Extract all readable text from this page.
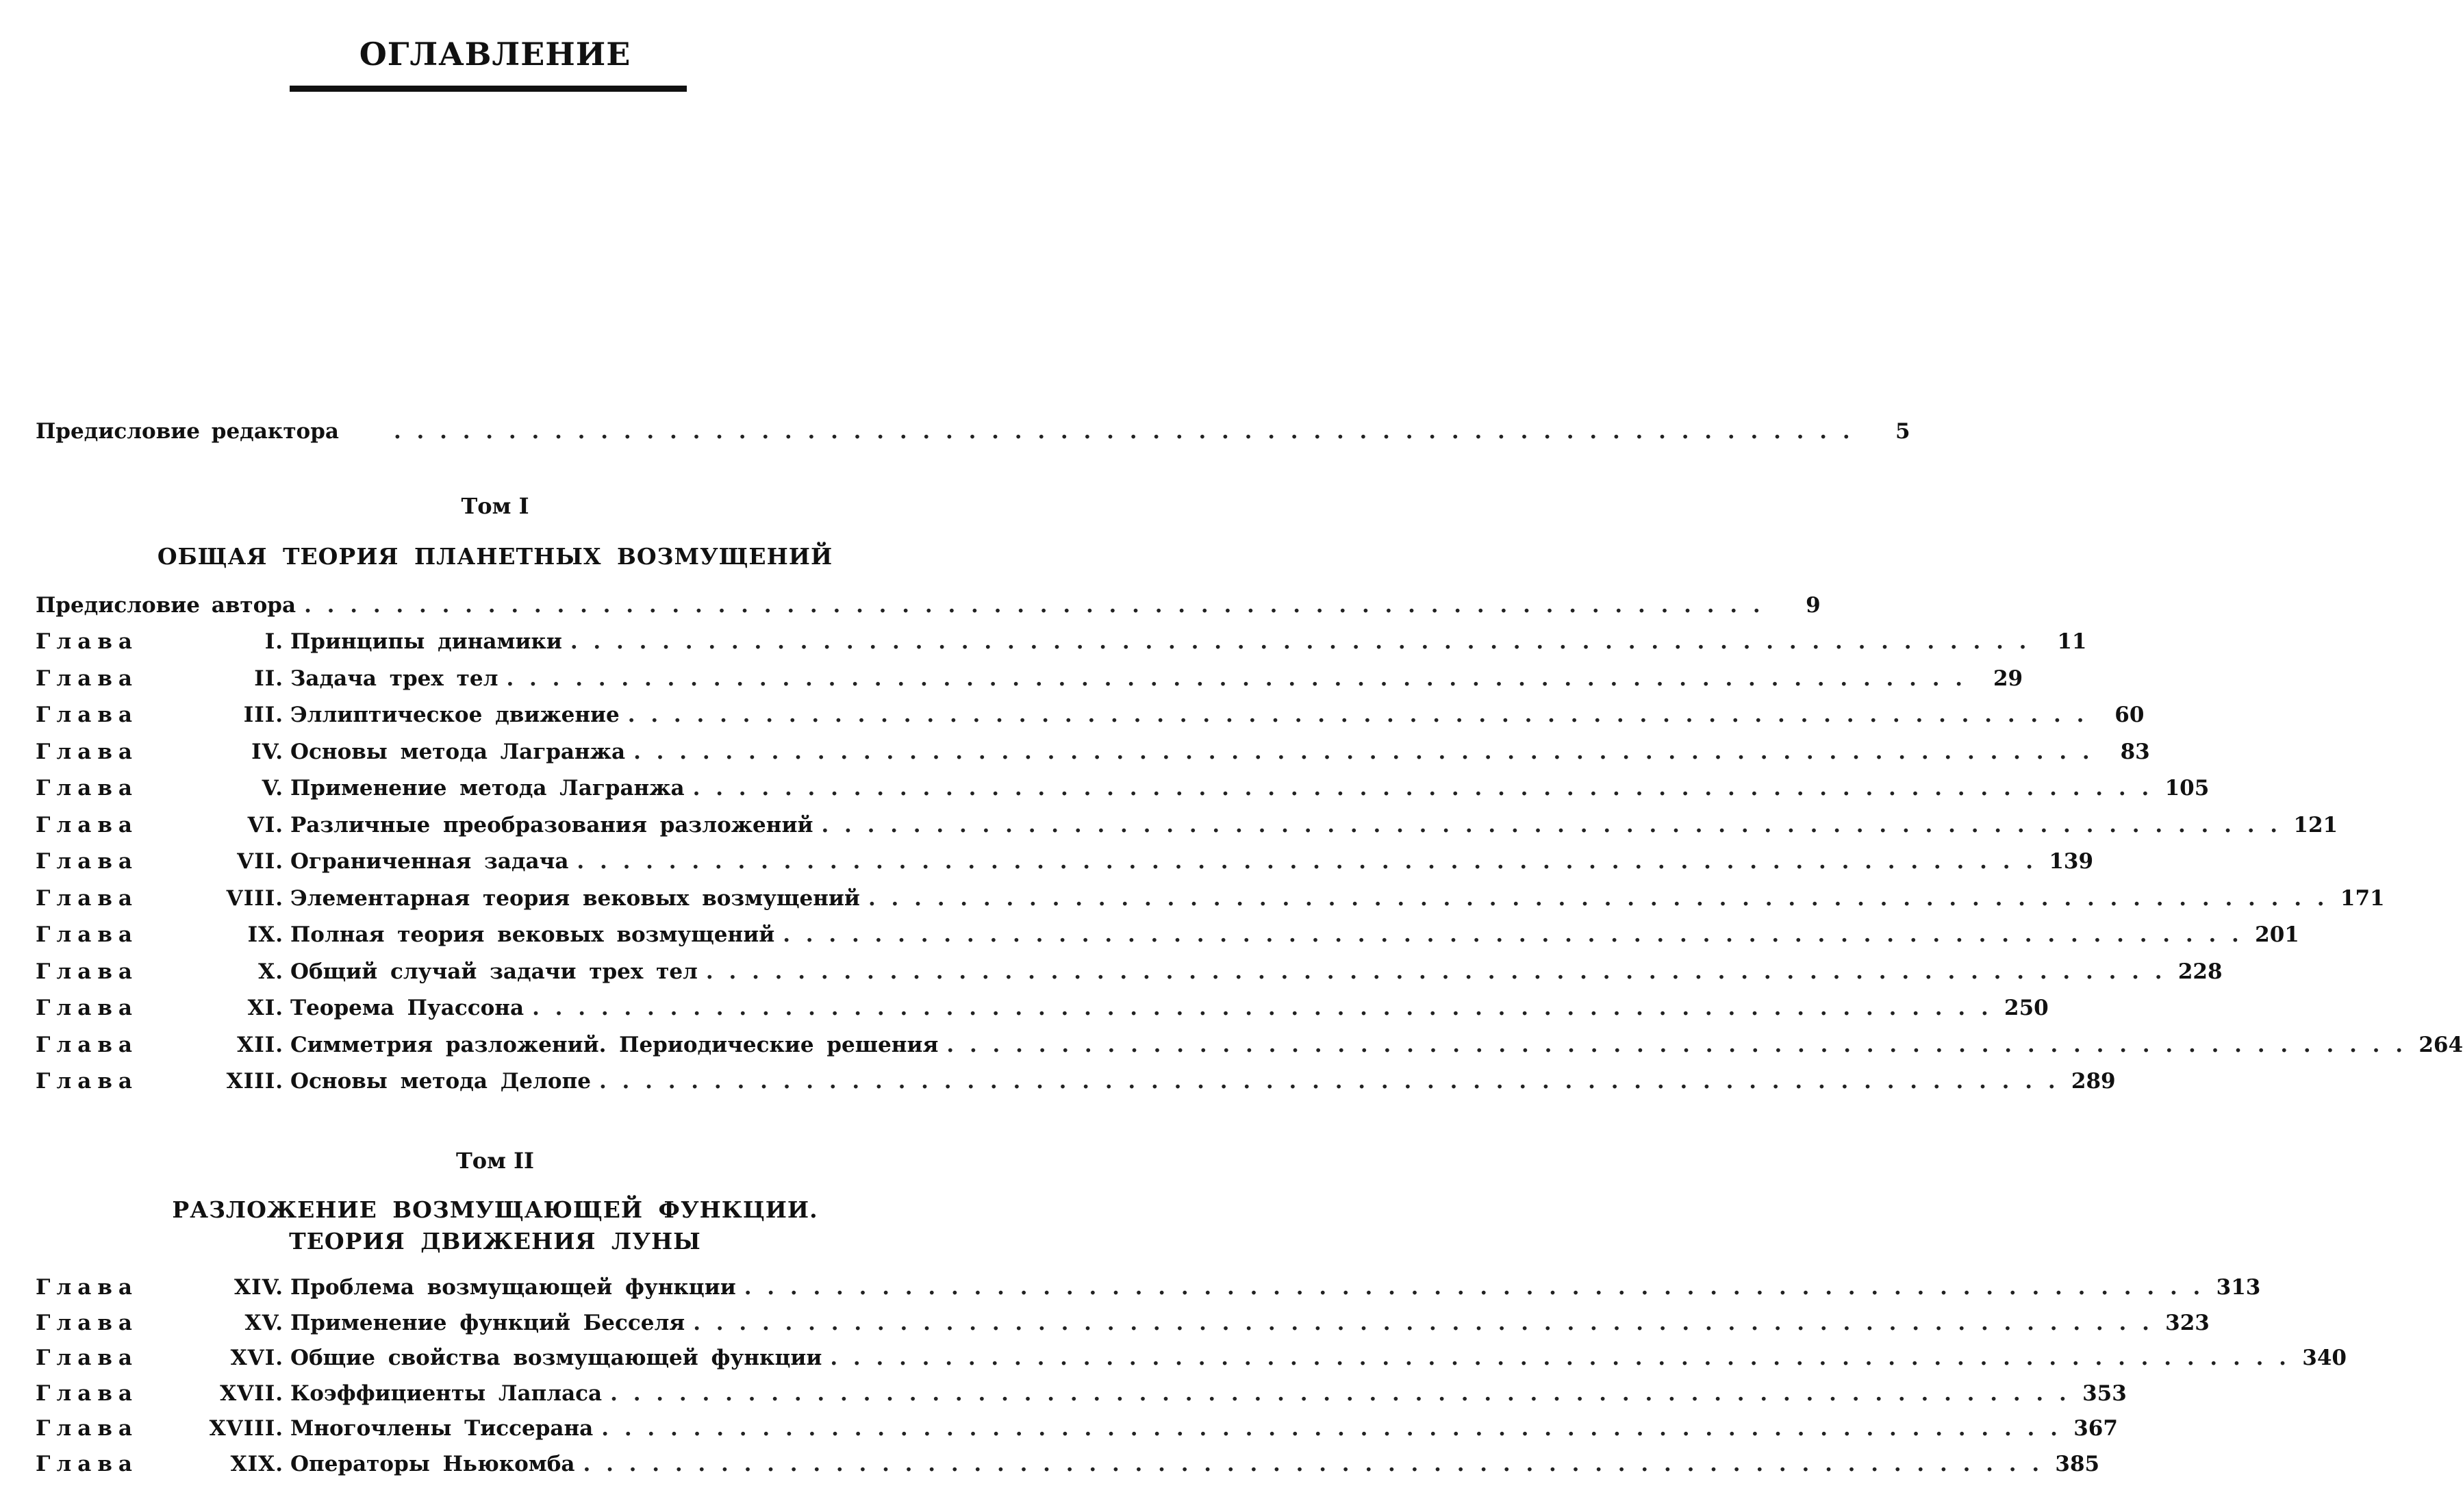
ОГЛАВЛЕНИЕ
Предисловие редактора . . .	5
Том I
ОБЩАЯ ТЕОРИЯ ПЛАНЕТНЫХ ВОЗМУЩЕНИЙ
Предисловие автора . . .	9
Глава	I. Принципы динамики . . .	11
Глава	II. Задача трех тел . . .	29
Глава	III. Эллиптическое движение . . .	60
Глава	IV. Основы метода Лагранжа . . .	83
Глава	V. Применение метода Лагранжа . . .	105
Глава	VI. Различные преобразования разложений . . .	121
Глава	VII. Ограниченная задача . . .	139
Глава	VIII. Элементарная теория вековых возмущений . . .	171
Глава	IX. Полная теория вековых возмущений . . .	201
Глава	X. Общий случай задачи трех тел . . .	228
Глава	XI. Теорема Пуассона . . .	250
Глава	XII. Симметрия разложений. Периодические решения . . .	264
Глава	XIII. Основы метода Делопе . . .	289
Том II
РАЗЛОЖЕНИЕ ВОЗМУЩАЮЩЕЙ ФУНКЦИИ.
ТЕОРИЯ ДВИЖЕНИЯ ЛУНЫ
Глава	XIV. Проблема возмущающей функции . . .	313
Глава	XV. Применение функций Бесселя . . .	323
Глава	XVI. Общие свойства возмущающей функции . . .	340
Глава	XVII. Коэффициенты Лапласа . . .	353
Глава	XVIII. Многочлены Тиссерана . . .	367
Глава	XIX. Операторы Ньюкомба . . .	385
